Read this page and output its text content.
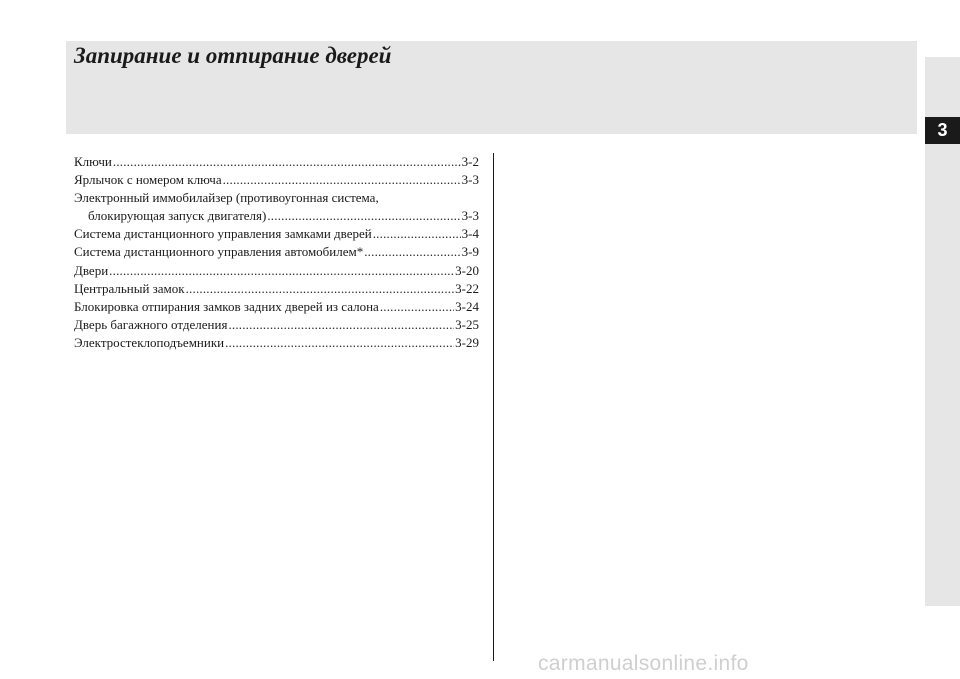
Запирание и отпирание дверей
3
Ключи .....	3-2
Ярлычок с номером ключа .....	3-3
Электронный иммобилайзер (противоугонная система,
блокирующая запуск двигателя) .....	3-3
Система дистанционного управления замками дверей .....	3-4
Система дистанционного управления автомобилем* .....	3-9
Двери .....	3-20
Центральный замок .....	3-22
Блокировка отпирания замков задних дверей из салона .....	3-24
Дверь багажного отделения .....	3-25
Электростеклоподъемники .....	3-29
carmanualsonline.info
